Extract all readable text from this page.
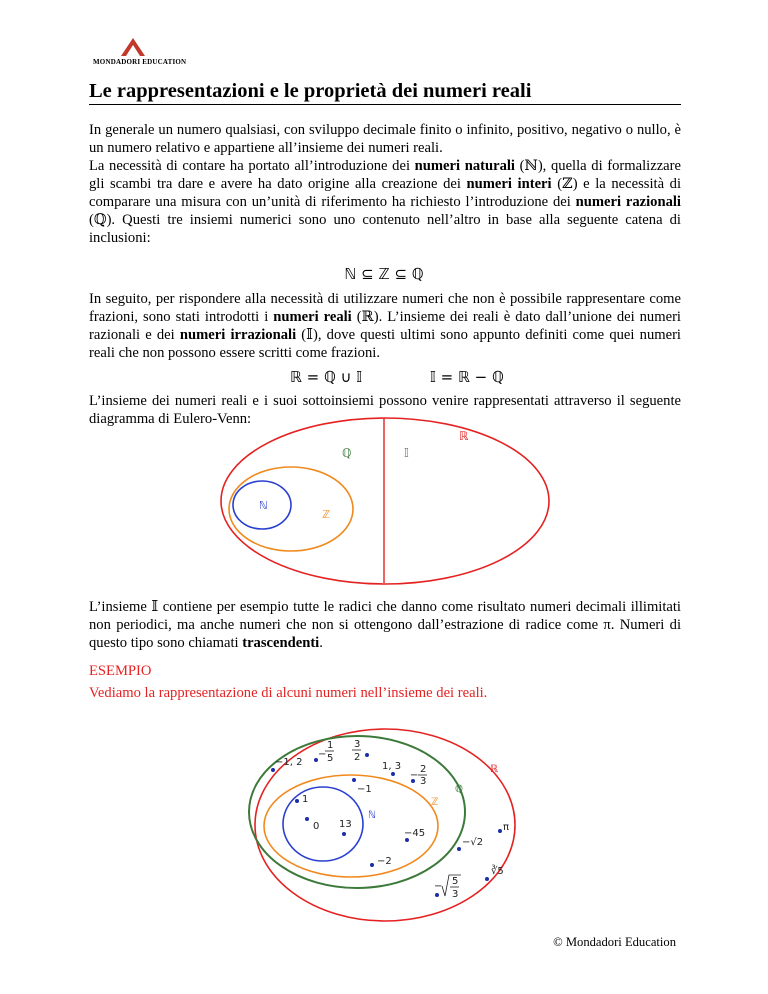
MONDADORI EDUCATION
Le rappresentazioni e le proprietà dei numeri reali
In generale un numero qualsiasi, con sviluppo decimale finito o infinito, positivo, negativo o nullo, è un numero relativo e appartiene all’insieme dei numeri reali.
La necessità di contare ha portato all’introduzione dei numeri naturali (ℕ), quella di formalizzare gli scambi tra dare e avere ha dato origine alla creazione dei numeri interi (ℤ) e la necessità di comparare una misura con un’unità di riferimento ha richiesto l’introduzione dei numeri razionali (ℚ). Questi tre insiemi numerici sono uno contenuto nell’altro in base alla seguente catena di inclusioni:
ℕ ⊆ ℤ ⊆ ℚ
In seguito, per rispondere alla necessità di utilizzare numeri che non è possibile rappresentare come frazioni, sono stati introdotti i numeri reali (ℝ). L’insieme dei reali è dato dall’unione dei numeri razionali e dei numeri irrazionali (𝕀), dove questi ultimi sono appunto definiti come quei numeri reali che non possono essere scritti come frazioni.
ℝ = ℚ ∪ 𝕀	𝕀 = ℝ − ℚ
L’insieme dei numeri reali e i suoi sottoinsiemi possono venire rappresentati attraverso il seguente diagramma di Eulero-Venn:
ℝ
ℚ	𝕀
ℕ
ℤ
L’insieme 𝕀 contiene per esempio tutte le radici che danno come risultato numeri decimali illimitati non periodici, ma anche numeri che non si ottengono dall’estrazione di radice come π. Numeri di questo tipo sono chiamati trascendenti.
ESEMPIO
Vediamo la rappresentazione di alcuni numeri nell’insieme dei reali.
ℝ
ℚ
ℤ
ℕ
1
0 13
−1
−45
−2
−1, 2
−
1
5
3
2
1, 3 2
−
3
π
−√2
∛5
− 5
3
© Mondadori Education
